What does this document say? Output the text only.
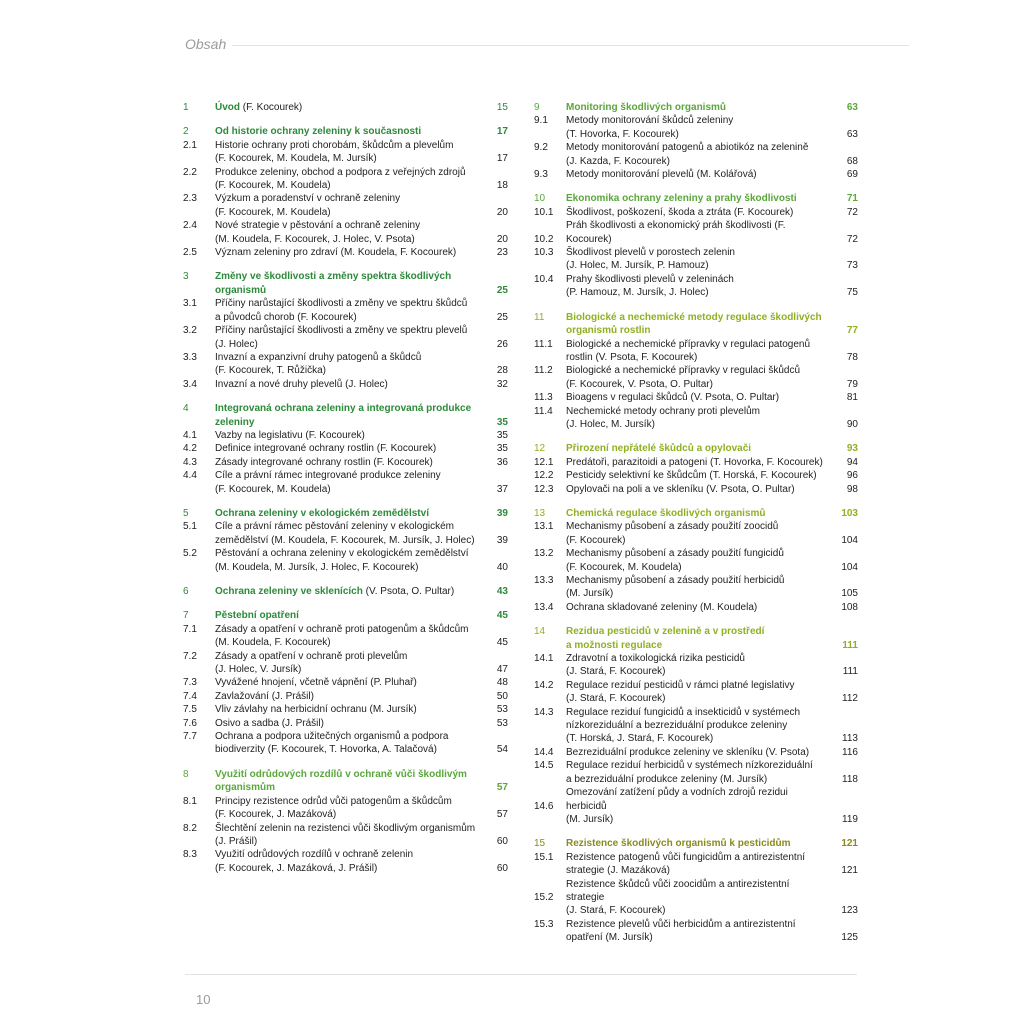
Obsah
1	Úvod (F. Kocourek)	15
2	Od historie ochrany zeleniny k současnosti	17
2.1	Historie ochrany proti chorobám, škůdcům a plevelům
(F. Kocourek, M. Koudela, M. Jursík)	17
2.2	Produkce zeleniny, obchod a podpora z veřejných zdrojů
(F. Kocourek, M. Koudela)	18
2.3	Výzkum a poradenství v ochraně zeleniny
(F. Kocourek, M. Koudela)	20
2.4	Nové strategie v pěstování a ochraně zeleniny
(M. Koudela, F. Kocourek, J. Holec, V. Psota)	20
2.5	Význam zeleniny pro zdraví (M. Koudela, F. Kocourek)	23
3	Změny ve škodlivosti a změny spektra škodlivých
organismů	25
3.1	Příčiny narůstající škodlivosti a změny ve spektru škůdců
a původců chorob (F. Kocourek)	25
3.2	Příčiny narůstající škodlivosti a změny ve spektru plevelů
(J. Holec)	26
3.3	Invazní a expanzivní druhy patogenů a škůdců
(F. Kocourek, T. Růžička)	28
3.4	Invazní a nové druhy plevelů (J. Holec)	32
4	Integrovaná ochrana zeleniny a integrovaná produkce
zeleniny	35
4.1	Vazby na legislativu (F. Kocourek)	35
4.2	Definice integrované ochrany rostlin (F. Kocourek)	35
4.3	Zásady integrované ochrany rostlin (F. Kocourek)	36
4.4	Cíle a právní rámec integrované produkce zeleniny
(F. Kocourek, M. Koudela)	37
5	Ochrana zeleniny v ekologickém zemědělství	39
5.1	Cíle a právní rámec pěstování zeleniny v ekologickém
zemědělství (M. Koudela, F. Kocourek, M. Jursík, J. Holec)	39
5.2	Pěstování a ochrana zeleniny v ekologickém zemědělství
(M. Koudela, M. Jursík, J. Holec, F. Kocourek)	40
6	Ochrana zeleniny ve sklenících (V. Psota, O. Pultar)	43
7	Pěstební opatření	45
7.1	Zásady a opatření v ochraně proti patogenům a škůdcům
(M. Koudela, F. Kocourek)	45
7.2	Zásady a opatření v ochraně proti plevelům
(J. Holec, V. Jursík)	47
7.3	Vyvážené hnojení, včetně vápnění (P. Pluhař)	48
7.4	Zavlažování (J. Prášil)	50
7.5	Vliv závlahy na herbicidní ochranu (M. Jursík)	53
7.6	Osivo a sadba (J. Prášil)	53
7.7	Ochrana a podpora užitečných organismů a podpora
biodiverzity (F. Kocourek, T. Hovorka, A. Talačová)	54
8	Využití odrůdových rozdílů v ochraně vůči škodlivým
organismům	57
8.1	Principy rezistence odrůd vůči patogenům a škůdcům
(F. Kocourek, J. Mazáková)	57
8.2	Šlechtění zelenin na rezistenci vůči škodlivým organismům
(J. Prášil)	60
8.3	Využití odrůdových rozdílů v ochraně zelenin
(F. Kocourek, J. Mazáková, J. Prášil)	60
9	Monitoring škodlivých organismů	63
9.1	Metody monitorování škůdců zeleniny
(T. Hovorka, F. Kocourek)	63
9.2	Metody monitorování patogenů a abiotikóz na zelenině
(J. Kazda, F. Kocourek)	68
9.3	Metody monitorování plevelů (M. Kolářová)	69
10	Ekonomika ochrany zeleniny a prahy škodlivosti	71
10.1	Škodlivost, poškození, škoda a ztráta (F. Kocourek)	72
10.2
Práh škodlivosti a ekonomický práh škodlivosti (F. Kocourek)	72
10.3	Škodlivost plevelů v porostech zelenin
(J. Holec, M. Jursík, P. Hamouz)	73
10.4	Prahy škodlivosti plevelů v zeleninách
(P. Hamouz, M. Jursík, J. Holec)	75
11	Biologické a nechemické metody regulace škodlivých
organismů rostlin	77
11.1	Biologické a nechemické přípravky v regulaci patogenů
rostlin (V. Psota, F. Kocourek)	78
11.2	Biologické a nechemické přípravky v regulaci škůdců
(F. Kocourek, V. Psota, O. Pultar)	79
11.3	Bioagens v regulaci škůdců (V. Psota, O. Pultar)	81
11.4	Nechemické metody ochrany proti plevelům
(J. Holec, M. Jursík)	90
12	Přirození nepřátelé škůdců a opylovači	93
12.1	Predátoři, parazitoidi a patogeni (T. Hovorka, F. Kocourek)	94
12.2	Pesticidy selektivní ke škůdcům (T. Horská, F. Kocourek)	96
12.3	Opylovači na poli a ve skleníku (V. Psota, O. Pultar)	98
13	Chemická regulace škodlivých organismů	103
13.1	Mechanismy působení a zásady použití zoocidů
(F. Kocourek)	104
13.2	Mechanismy působení a zásady použití fungicidů
(F. Kocourek, M. Koudela)	104
13.3	Mechanismy působení a zásady použití herbicidů
(M. Jursík)	105
13.4	Ochrana skladované zeleniny (M. Koudela)	108
14	Rezidua pesticidů v zelenině a v prostředí
a možnosti regulace	111
14.1	Zdravotní a toxikologická rizika pesticidů
(J. Stará, F. Kocourek)	111
14.2	Regulace reziduí pesticidů v rámci platné legislativy
(J. Stará, F. Kocourek)	112
14.3	Regulace reziduí fungicidů a insekticidů v systémech
nízkoreziduální a bezreziduální produkce zeleniny
(T. Horská, J. Stará, F. Kocourek)	113
14.4	Bezreziduální produkce zeleniny ve skleníku (V. Psota)	116
14.5	Regulace reziduí herbicidů v systémech nízkoreziduální
a bezreziduální produkce zeleniny (M. Jursík)	118
14.6
Omezování zatížení půdy a vodních zdrojů rezidui herbicidů
(M. Jursík)	119
15	Rezistence škodlivých organismů k pesticidům	121
15.1	Rezistence patogenů vůči fungicidům a antirezistentní
strategie (J. Mazáková)	121
15.2
Rezistence škůdců vůči zoocidům a antirezistentní strategie
(J. Stará, F. Kocourek)	123
15.3	Rezistence plevelů vůči herbicidům a antirezistentní
opatření (M. Jursík)	125
10
